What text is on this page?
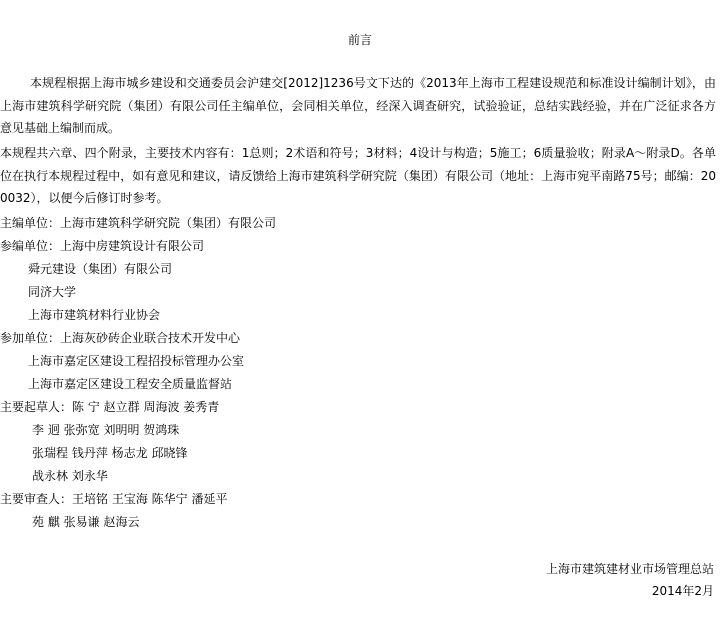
前言

本规程根据上海市城乡建设和交通委员会沪建交[2012]1236号文下达的《2013年上海市工程建设规范和标准设计编制计划》，由上海市建筑科学研究院（集团）有限公司任主编单位，会同相关单位，经深入调查研究，试验验证，总结实践经验，并在广泛征求各方意见基础上编制而成。

本规程共六章、四个附录，主要技术内容有：1总则；2术语和符号；3材料；4设计与构造；5施工；6质量验收；附录A～附录D。各单位在执行本规程过程中，如有意见和建议，请反馈给上海市建筑科学研究院（集团）有限公司（地址：上海市宛平南路75号；邮编：200032），以便今后修订时参考。

主编单位：上海市建筑科学研究院（集团）有限公司
参编单位：上海中房建筑设计有限公司
舜元建设（集团）有限公司
同济大学
上海市建筑材料行业协会
参加单位：上海灰砂砖企业联合技术开发中心
上海市嘉定区建设工程招投标管理办公室
上海市嘉定区建设工程安全质量监督站
主要起草人：陈 宁 赵立群 周海波 姜秀青
李 迥 张弥宽 刘明明 贺鸿珠
张瑞程 钱丹萍 杨志龙 邱晓锋
战永林 刘永华
主要审查人：王培铭 王宝海 陈华宁 潘延平
苑 麒 张易谦 赵海云
上海市建筑建材业市场管理总站
2014年2月
